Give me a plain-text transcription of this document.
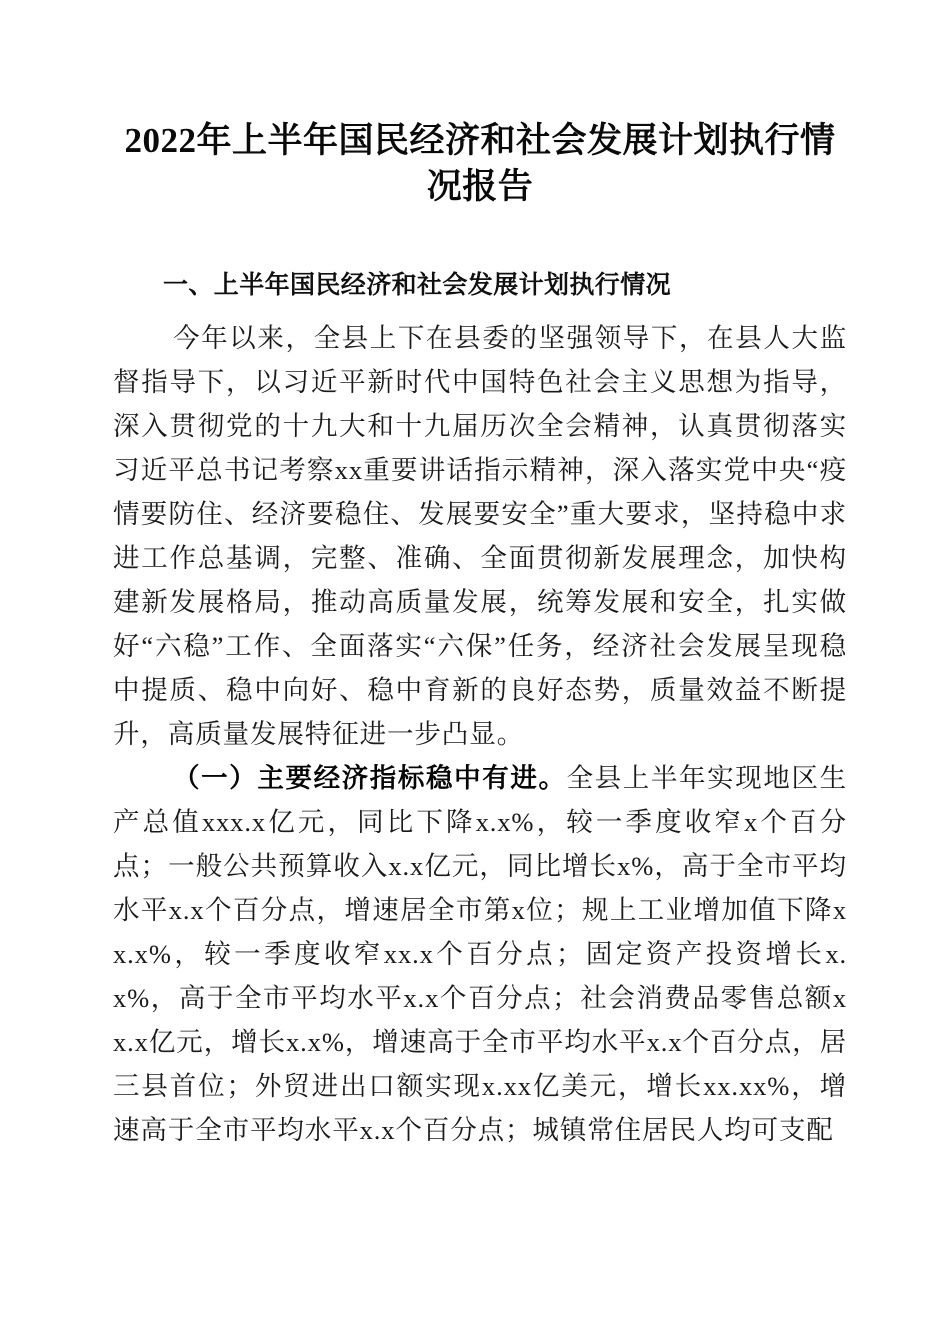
2022年上半年国民经济和社会发展计划执行情况报告
一、上半年国民经济和社会发展计划执行情况

今年以来，全县上下在县委的坚强领导下，在县人大监督指导下，以习近平新时代中国特色社会主义思想为指导，深入贯彻党的十九大和十九届历次全会精神，认真贯彻落实习近平总书记考察xx重要讲话指示精神，深入落实党中央“疫情要防住、经济要稳住、发展要安全”重大要求，坚持稳中求进工作总基调，完整、准确、全面贯彻新发展理念，加快构建新发展格局，推动高质量发展，统筹发展和安全，扎实做好“六稳”工作、全面落实“六保”任务，经济社会发展呈现稳中提质、稳中向好、稳中育新的良好态势，质量效益不断提升，高质量发展特征进一步凸显。

（一）主要经济指标稳中有进。全县上半年实现地区生产总值xxx.x亿元，同比下降x.x%，较一季度收窄x个百分点；一般公共预算收入x.x亿元，同比增长x%，高于全市平均水平x.x个百分点，增速居全市第x位；规上工业增加值下降xx.x%，较一季度收窄xx.x个百分点；固定资产投资增长x.x%，高于全市平均水平x.x个百分点；社会消费品零售总额xx.x亿元，增长x.x%，增速高于全市平均水平x.x个百分点，居三县首位；外贸进出口额实现x.xx亿美元，增长xx.xx%，增速高于全市平均水平x.x个百分点；城镇常住居民人均可支配
